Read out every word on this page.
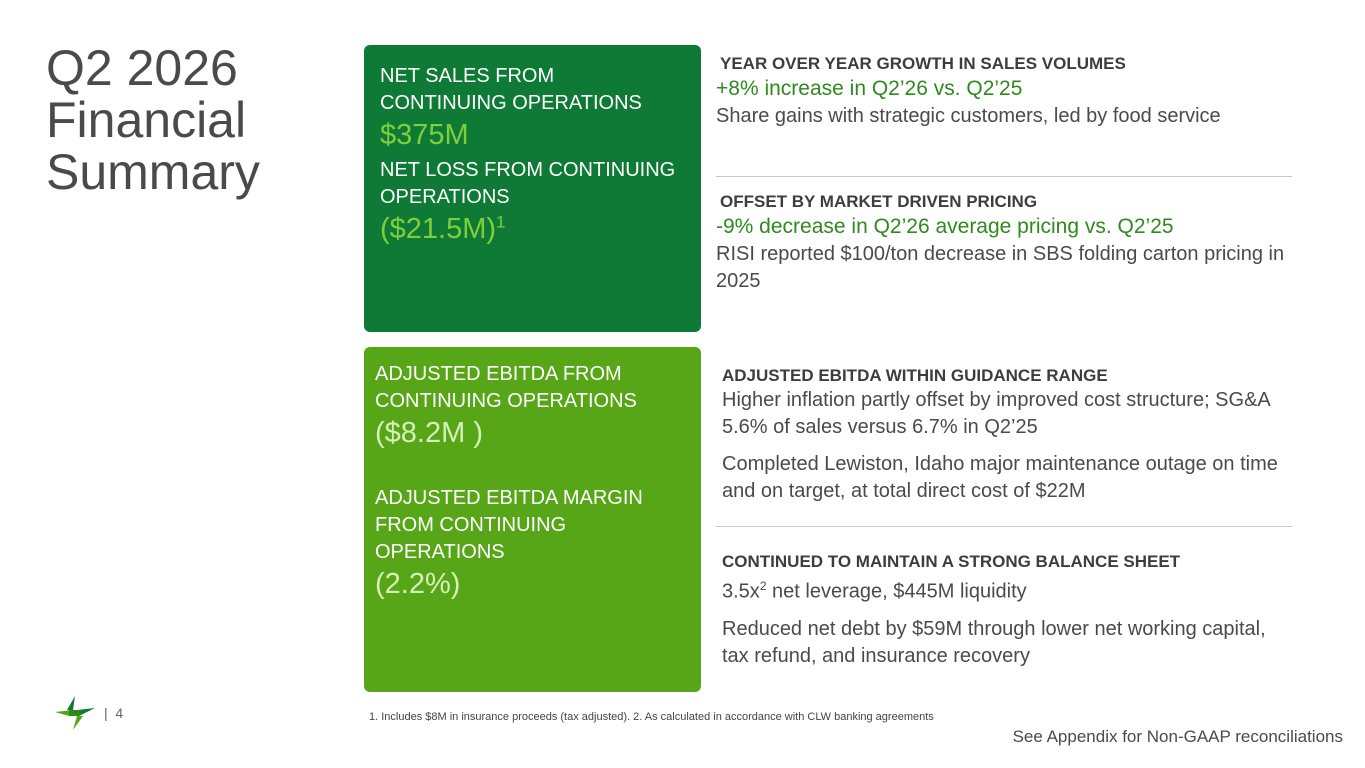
Q2 2026
Financial
Summary
NET SALES FROM CONTINUING OPERATIONS
$375M
NET LOSS FROM CONTINUING OPERATIONS
($21.5M)$^1$
ADJUSTED EBITDA FROM CONTINUING OPERATIONS
($8.2M )
ADJUSTED EBITDA MARGIN FROM CONTINUING OPERATIONS
(2.2%)
YEAR OVER YEAR GROWTH IN SALES VOLUMES
+8% increase in Q2’26 vs. Q2’25
Share gains with strategic customers, led by food service
OFFSET BY MARKET DRIVEN PRICING
-9% decrease in Q2’26 average pricing vs. Q2’25
RISI reported $100/ton decrease in SBS folding carton pricing in 2025
ADJUSTED EBITDA WITHIN GUIDANCE RANGE
Higher inflation partly offset by improved cost structure; SG&A 5.6% of sales versus 6.7% in Q2’25
Completed Lewiston, Idaho major maintenance outage on time and on target, at total direct cost of $22M
CONTINUED TO MAINTAIN A STRONG BALANCE SHEET
$3.5x^2$ net leverage, $445M liquidity
Reduced net debt by $59M through lower net working capital, tax refund, and insurance recovery
| 4	1. Includes $8M in insurance proceeds (tax adjusted). 2. As calculated in accordance with CLW banking agreements
See Appendix for Non-GAAP reconciliations
